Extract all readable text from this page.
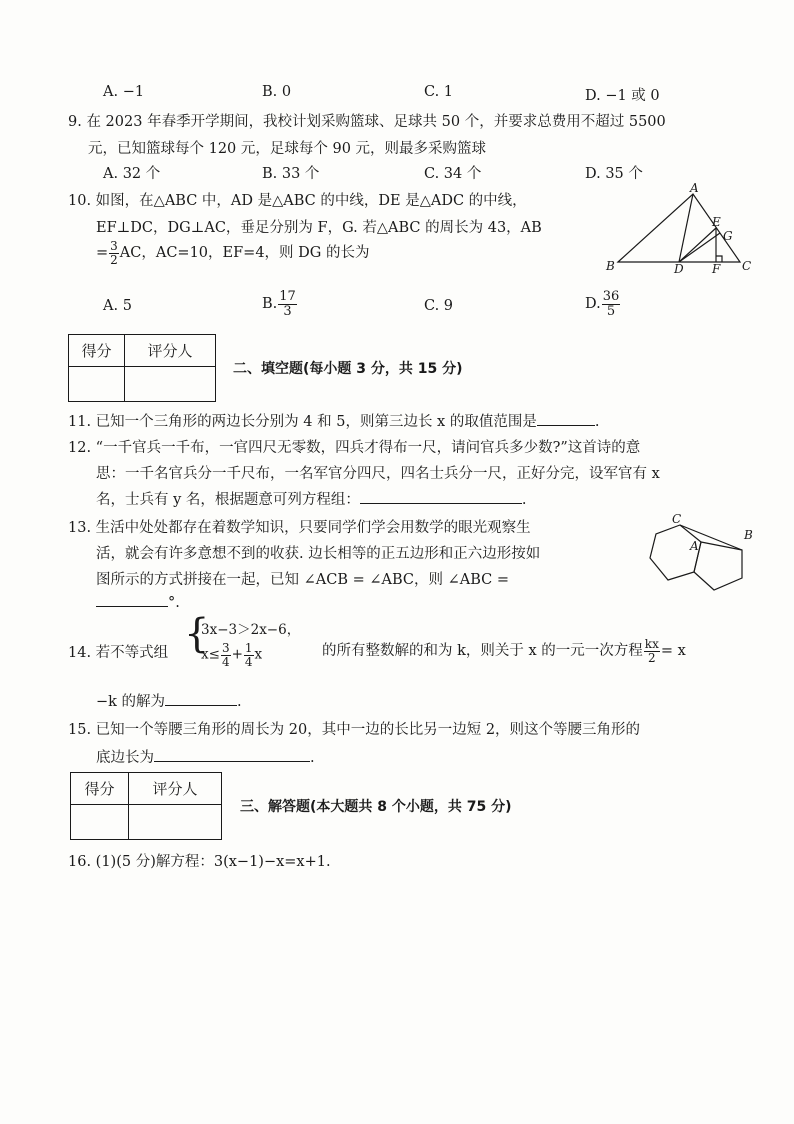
A. −1	B. 0	C. 1	D. −1 或 0
9. 在 2023 年春季开学期间，我校计划采购篮球、足球共 50 个，并要求总费用不超过 5500
元，已知篮球每个 120 元，足球每个 90 元，则最多采购篮球
A. 32 个	B. 33 个	C. 34 个	D. 35 个
10. 如图，在△ABC 中，AD 是△ABC 的中线，DE 是△ADC 的中线，
EF⊥DC，DG⊥AC，垂足分别为 F，G. 若△ABC 的周长为 43，AB
= $\frac{3}{2}$ AC，AC=10，EF=4，则 DG 的长为
A. 5	B. $\frac{17}{3}$	C. 9	D. $\frac{36}{5}$
A
B	C
D
E
F
G
得分	评分人
二、填空题(每小题 3 分，共 15 分)
11. 已知一个三角形的两边长分别为 4 和 5，则第三边长 x 的取值范围是	.
12. “一千官兵一千布，一官四尺无零数，四兵才得布一尺，请问官兵多少数?”这首诗的意
思：一千名官兵分一千尺布，一名军官分四尺，四名士兵分一尺，正好分完，设军官有 x
名，士兵有 y 名，根据题意可列方程组：	.
13. 生活中处处都存在着数学知识，只要同学们学会用数学的眼光观察生
活，就会有许多意想不到的收获. 边长相等的正五边形和正六边形按如
图所示的方式拼接在一起，已知 ∠ACB = ∠ABC，则 ∠ABC =
°.
C
B
A
14. 若不等式组 {
3x−3＞2x−6，
$x\le \frac{3}{4} + \frac{1}{4}$ x	的所有整数解的和为 k，则关于 x 的一元一次方程 $\frac{kx}{2} = x$
−k 的解为	.
15. 已知一个等腰三角形的周长为 20，其中一边的长比另一边短 2，则这个等腰三角形的
底边长为	.
得分	评分人
三、解答题(本大题共 8 个小题，共 75 分)
16. (1)(5 分)解方程：3(x−1)−x=x+1.
